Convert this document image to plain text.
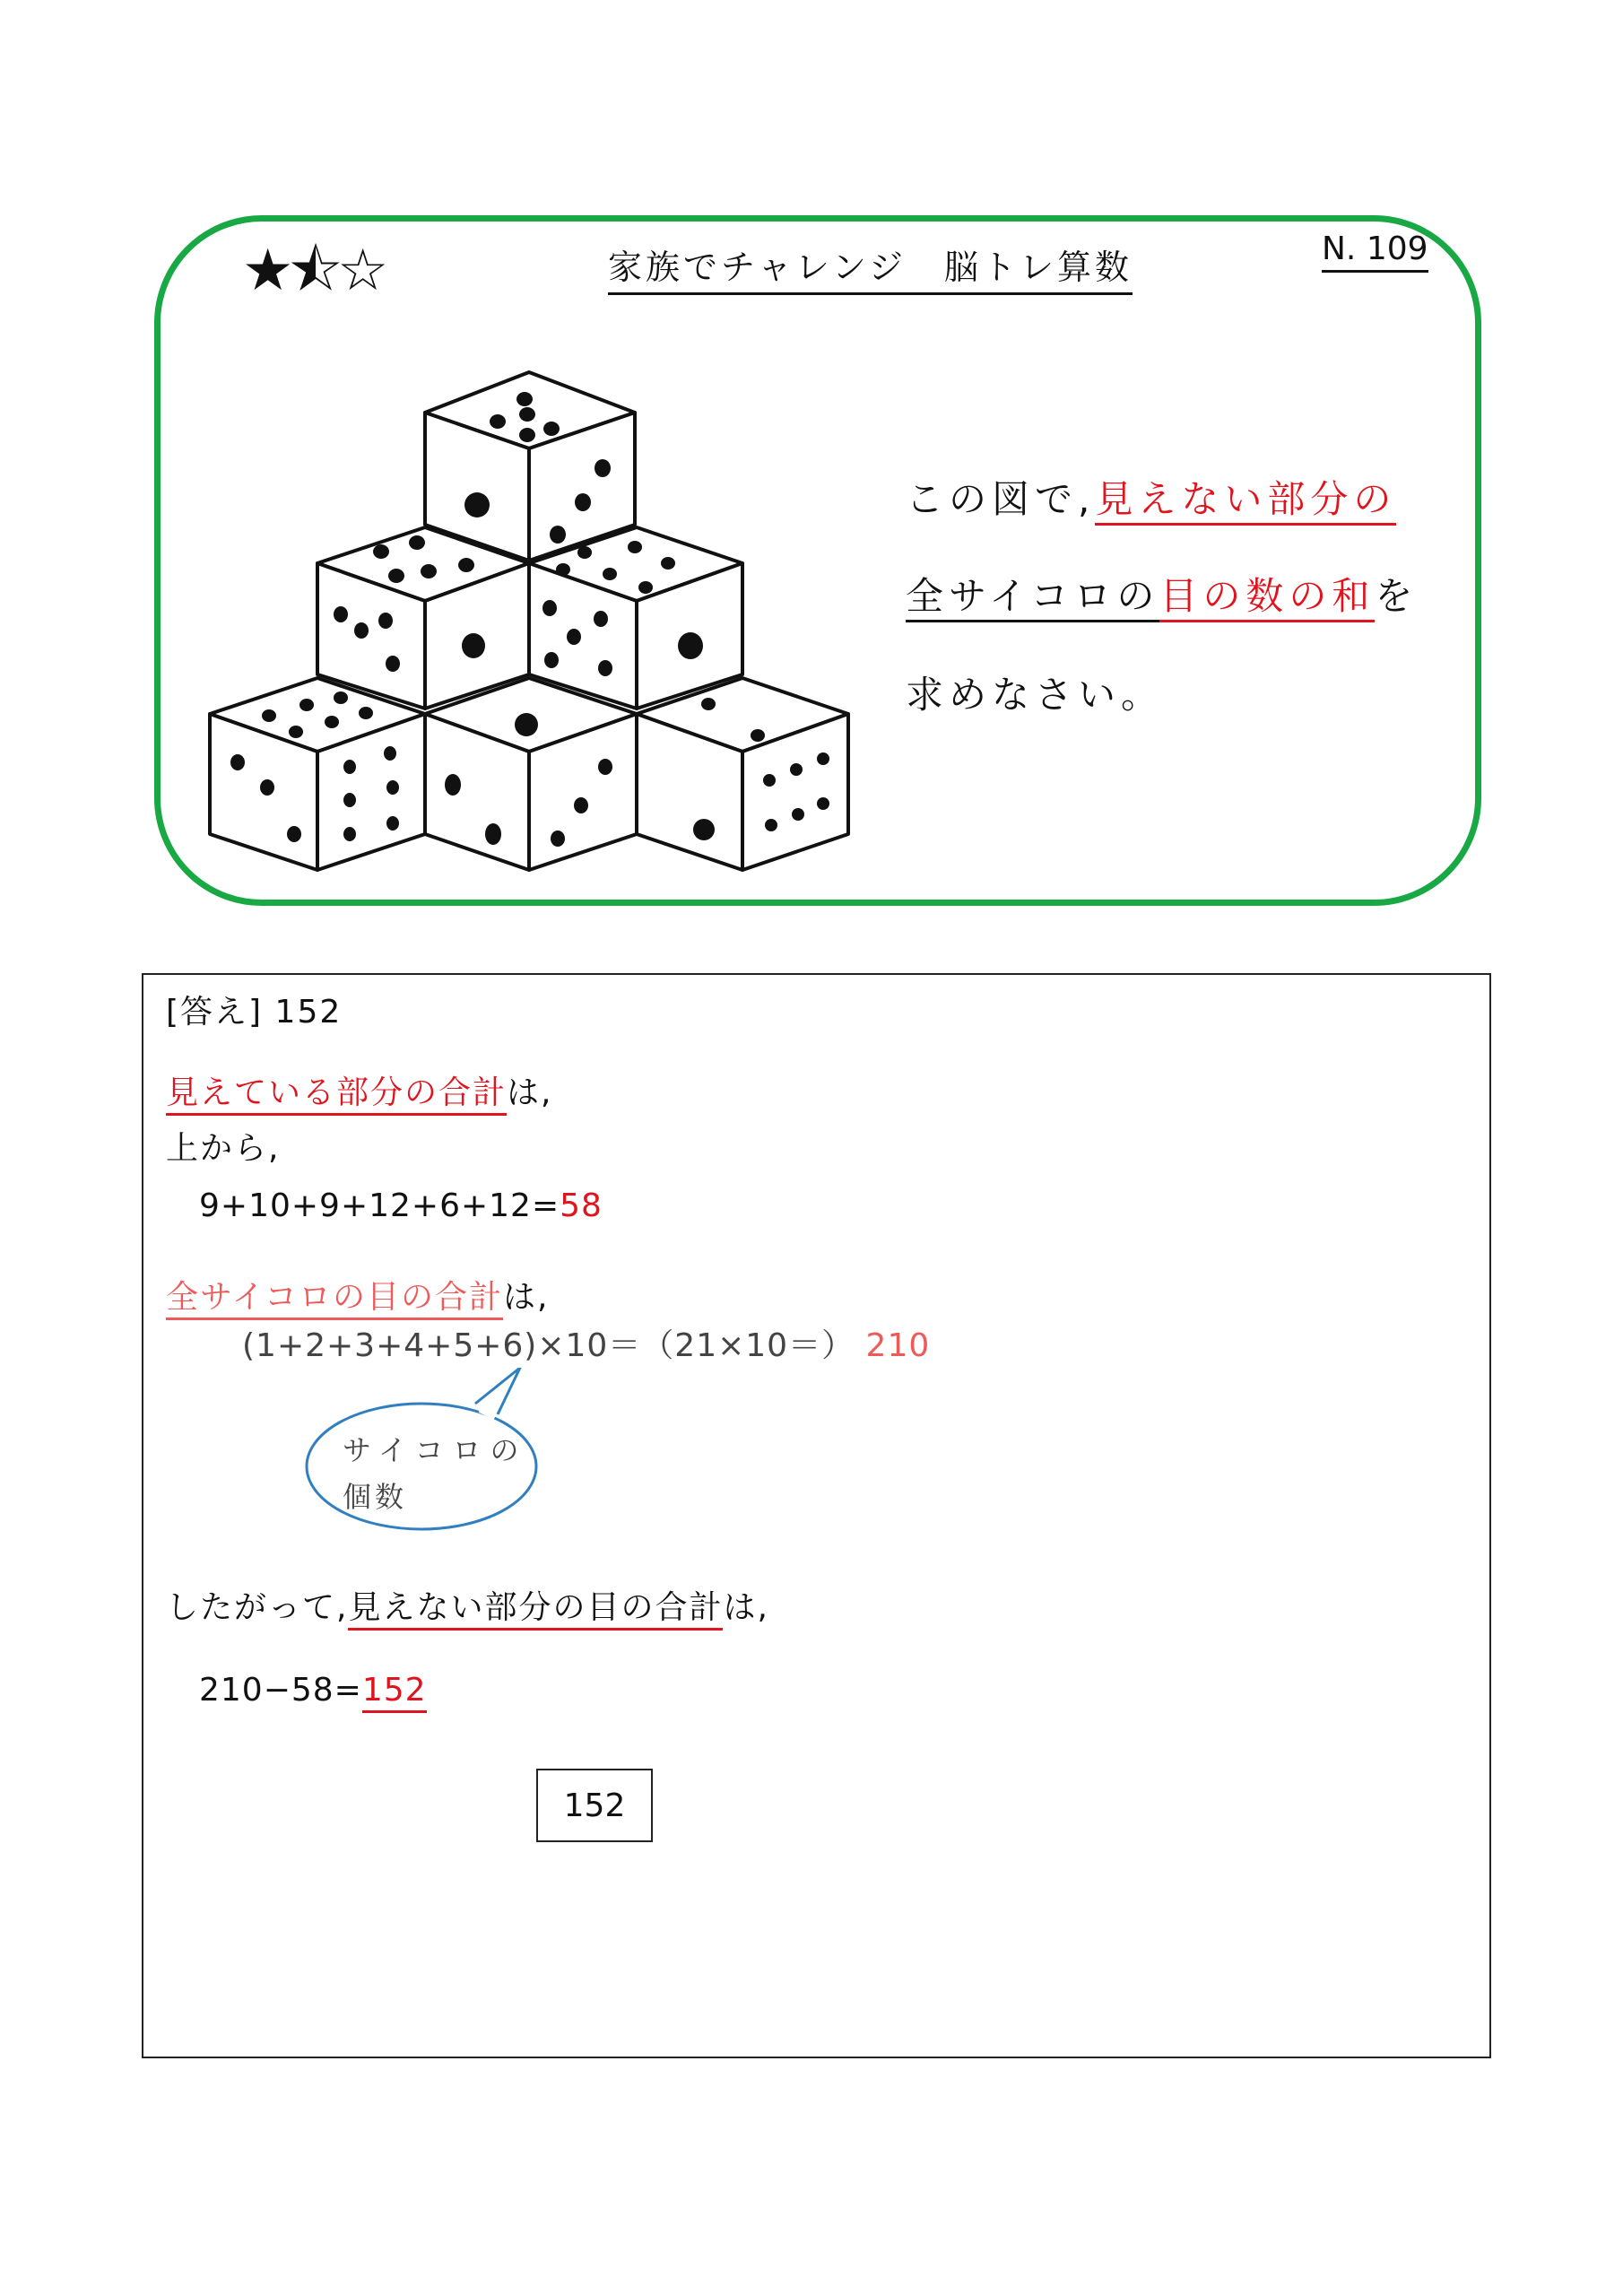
★⯪☆	家族でチャレンジ　脳トレ算数	N. 109
この図で,見えない部分の
全サイコロの目の数の和を
求めなさい。
[答え] 152
見えている部分の合計は,
上から,
9+10+9+12+6+12=58
全サイコロの目の合計は,
(1+2+3+4+5+6)×10＝（21×10＝） 210
サイコロの
個数
したがって,見えない部分の目の合計は,
210−58=152
152
